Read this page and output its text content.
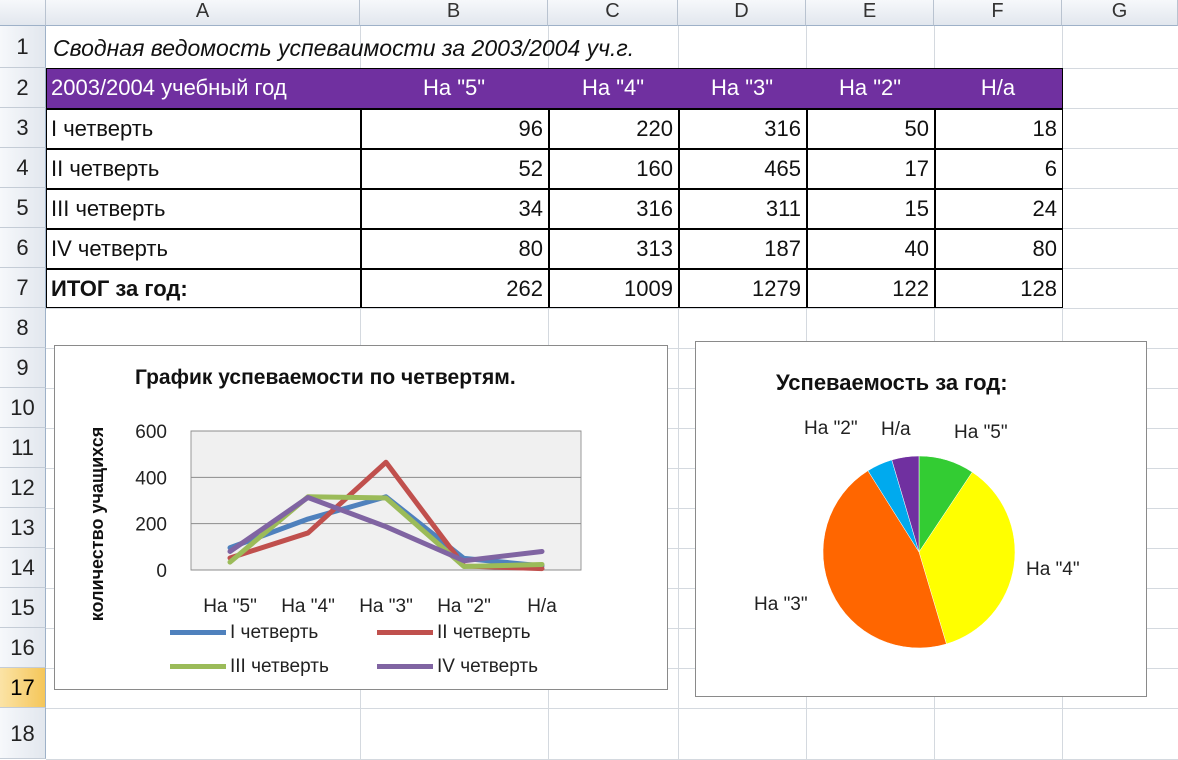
A	B	C	D	E	F	G
1
2
3
4
5
6
7
8
9
10
11
12
13
14
15
16
17
18
Сводная ведомость успеваимости за 2003/2004 уч.г.
2003/2004 учебный год	На "5"	На "4"	На "3"	На "2"	Н/а
I четверть	96	220	316	50	18
II четверть	52	160	465	17	6
III четверть	34	316	311	15	24
IV четверть	80	313	187	40	80
ИТОГ за год:	262	1009	1279	122	128
График успеваемости по четвертям.
0
200
400
600
На "5" На "4" На "3" На "2" Н/а
количество учащихся
I четверть	II четверть
III четверть	IV четверть
Успеваемость за год:
На "5"
На "4"
На "3"
На "2" Н/а
